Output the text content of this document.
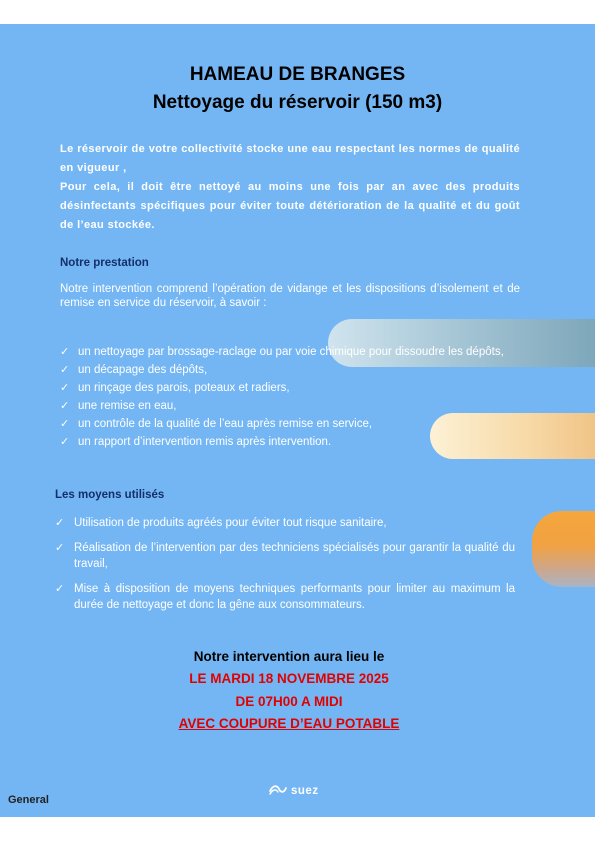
HAMEAU DE BRANGES
Nettoyage du réservoir (150 m3)

Le réservoir de votre collectivité stocke une eau respectant les normes de qualité en vigueur ,

Pour cela, il doit être nettoyé au moins une fois par an avec des produits désinfectants spécifiques pour éviter toute détérioration de la qualité et du goût de l’eau stockée.

Notre prestation
Notre intervention comprend l’opération de vidange et les dispositions d’isolement et de remise en service du réservoir, à savoir :
✓ un nettoyage par brossage-raclage ou par voie chimique pour dissoudre les dépôts,
✓ un décapage des dépôts,
✓ un rinçage des parois, poteaux et radiers,
✓ une remise en eau,
✓ un contrôle de la qualité de l’eau après remise en service,
✓ un rapport d’intervention remis après intervention.
Les moyens utilisés
✓ Utilisation de produits agréés pour éviter tout risque sanitaire,
✓ Réalisation de l’intervention par des techniciens spécialisés pour garantir la qualité du travail,
✓ Mise à disposition de moyens techniques performants pour limiter au maximum la durée de nettoyage et donc la gêne aux consommateurs.
Notre intervention aura lieu le
LE MARDI 18 NOVEMBRE 2025
DE 07H00 A MIDI
AVEC COUPURE D’EAU POTABLE
suez
General
